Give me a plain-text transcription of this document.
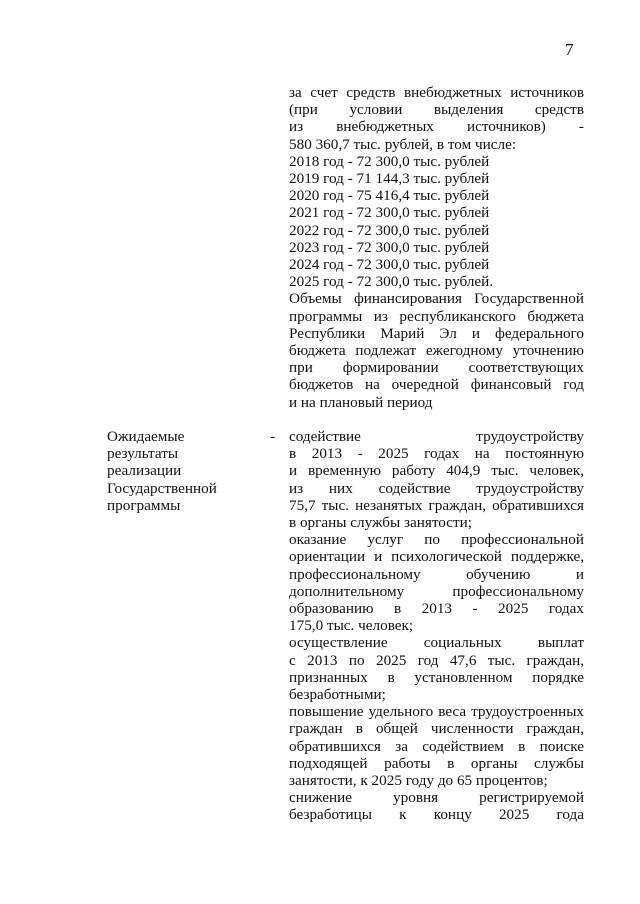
7
за счет средств внебюджетных источников
(при условии выделения средств
из внебюджетных источников) -
580 360,7 тыс. рублей, в том числе:
2018 год - 72 300,0 тыс. рублей
2019 год - 71 144,3 тыс. рублей
2020 год - 75 416,4 тыс. рублей
2021 год - 72 300,0 тыс. рублей
2022 год - 72 300,0 тыс. рублей
2023 год - 72 300,0 тыс. рублей
2024 год - 72 300,0 тыс. рублей
2025 год - 72 300,0 тыс. рублей.
Объемы финансирования Государственной
программы из республиканского бюджета
Республики Марий Эл и федерального
бюджета подлежат ежегодному уточнению
при формировании соответствующих
бюджетов на очередной финансовый год
и на плановый период
Ожидаемые
результаты
реализации
Государственной
программы
- содействие трудоустройству
в 2013 - 2025 годах на постоянную
и временную работу 404,9 тыс. человек,
из них содействие трудоустройству
75,7 тыс. незанятых граждан, обратившихся
в органы службы занятости;
оказание услуг по профессиональной
ориентации и психологической поддержке,
профессиональному обучению и
дополнительному профессиональному
образованию в 2013 - 2025 годах
175,0 тыс. человек;
осуществление социальных выплат
с 2013 по 2025 год 47,6 тыс. граждан,
признанных в установленном порядке
безработными;
повышение удельного веса трудоустроенных
граждан в общей численности граждан,
обратившихся за содействием в поиске
подходящей работы в органы службы
занятости, к 2025 году до 65 процентов;
снижение уровня регистрируемой
безработицы к концу 2025 года
